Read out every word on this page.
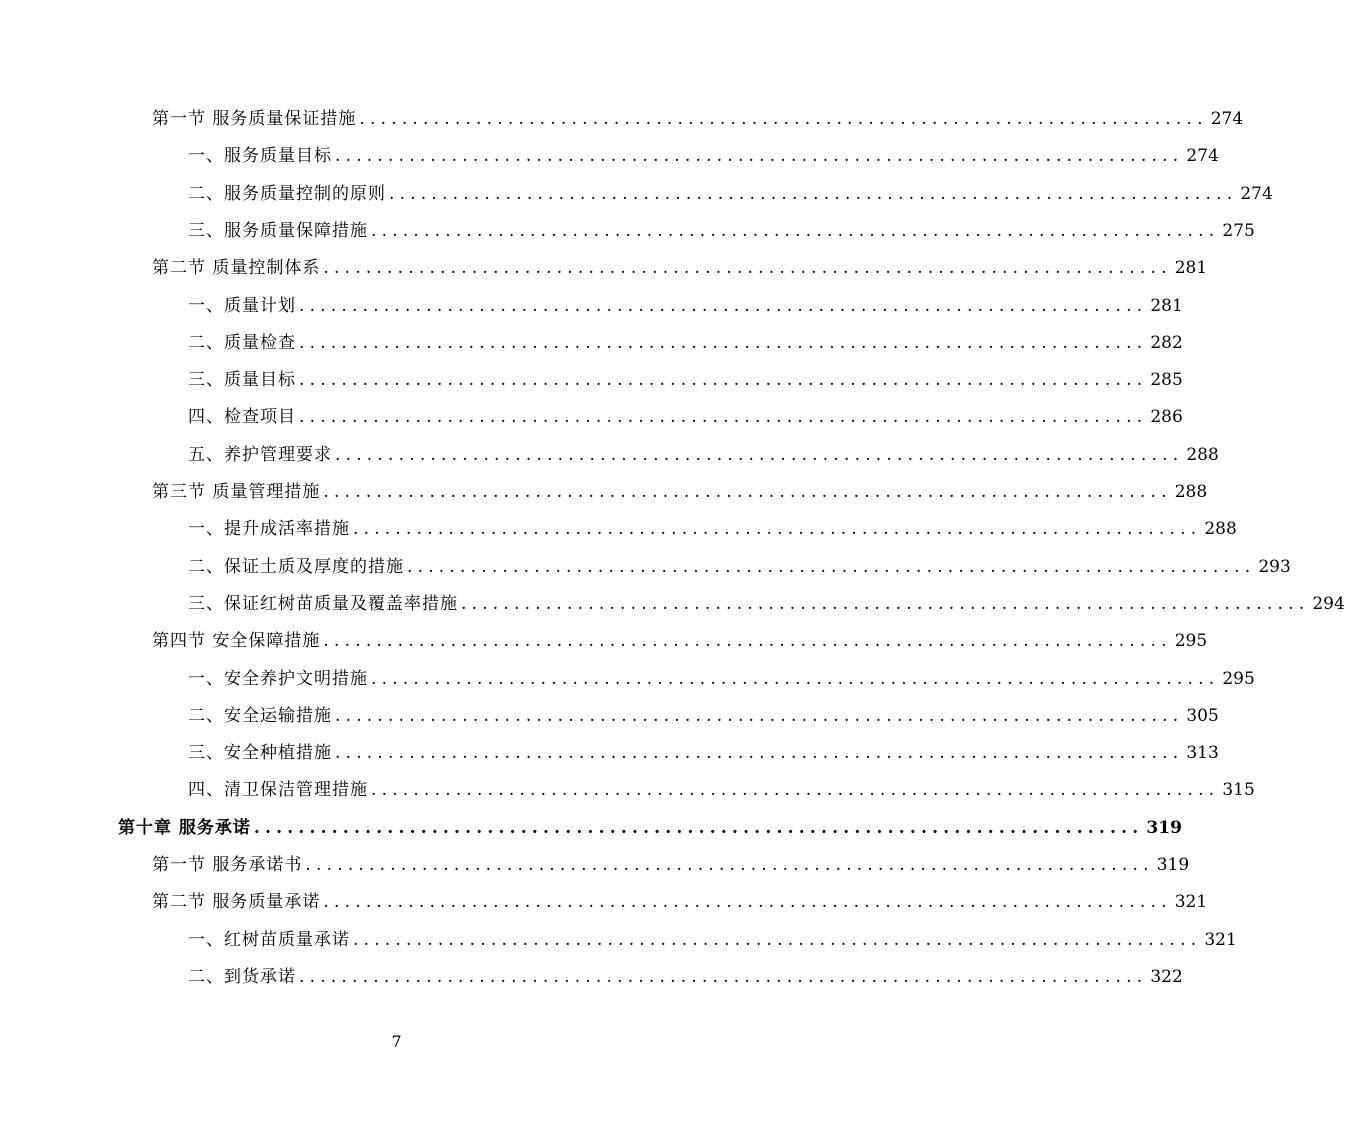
第一节 服务质量保证措施 ................................................................................ 274
一、服务质量目标 ................................................................................ 274
二、服务质量控制的原则 ................................................................................ 274
三、服务质量保障措施 ................................................................................ 275
第二节 质量控制体系 ................................................................................ 281
一、质量计划 ................................................................................ 281
二、质量检查 ................................................................................ 282
三、质量目标 ................................................................................ 285
四、检查项目 ................................................................................ 286
五、养护管理要求 ................................................................................ 288
第三节 质量管理措施 ................................................................................ 288
一、提升成活率措施 ................................................................................ 288
二、保证土质及厚度的措施 ................................................................................ 293
三、保证红树苗质量及覆盖率措施 ................................................................................ 294
第四节 安全保障措施 ................................................................................ 295
一、安全养护文明措施 ................................................................................ 295
二、安全运输措施 ................................................................................ 305
三、安全种植措施 ................................................................................ 313
四、清卫保洁管理措施 ................................................................................ 315
第十章 服务承诺 ................................................................................ 319
第一节 服务承诺书 ................................................................................ 319
第二节 服务质量承诺 ................................................................................ 321
一、红树苗质量承诺 ................................................................................ 321
二、到货承诺 ................................................................................ 322
7
